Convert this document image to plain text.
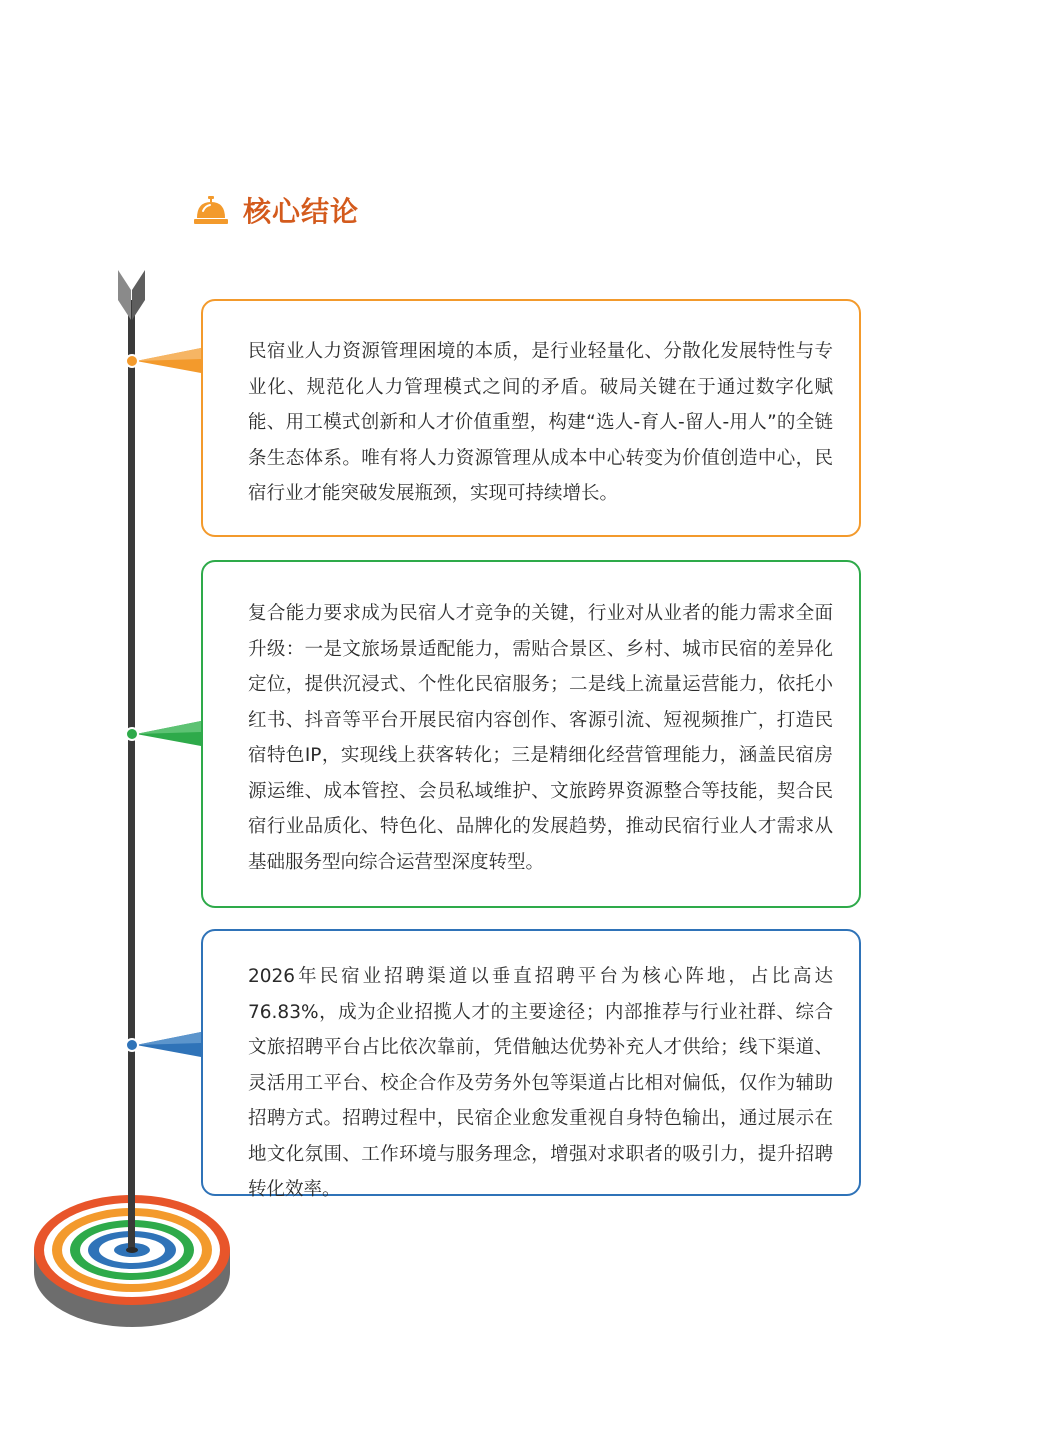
核心结论

民宿业人力资源管理困境的本质，是行业轻量化、分散化发展特性与专业化、规范化人力管理模式之间的矛盾。破局关键在于通过数字化赋能、用工模式创新和人才价值重塑，构建“选人-育人-留人-用人”的全链条生态体系。唯有将人力资源管理从成本中心转变为价值创造中心，民宿行业才能突破发展瓶颈，实现可持续增长。

复合能力要求成为民宿人才竞争的关键，行业对从业者的能力需求全面升级：一是文旅场景适配能力，需贴合景区、乡村、城市民宿的差异化定位，提供沉浸式、个性化民宿服务；二是线上流量运营能力，依托小红书、抖音等平台开展民宿内容创作、客源引流、短视频推广，打造民宿特色IP，实现线上获客转化；三是精细化经营管理能力，涵盖民宿房源运维、成本管控、会员私域维护、文旅跨界资源整合等技能，契合民宿行业品质化、特色化、品牌化的发展趋势，推动民宿行业人才需求从基础服务型向综合运营型深度转型。

2026年民宿业招聘渠道以垂直招聘平台为核心阵地，占比高达76.83%，成为企业招揽人才的主要途径；内部推荐与行业社群、综合文旅招聘平台占比依次靠前，凭借触达优势补充人才供给；线下渠道、灵活用工平台、校企合作及劳务外包等渠道占比相对偏低，仅作为辅助招聘方式。招聘过程中，民宿企业愈发重视自身特色输出，通过展示在地文化氛围、工作环境与服务理念，增强对求职者的吸引力，提升招聘转化效率。
